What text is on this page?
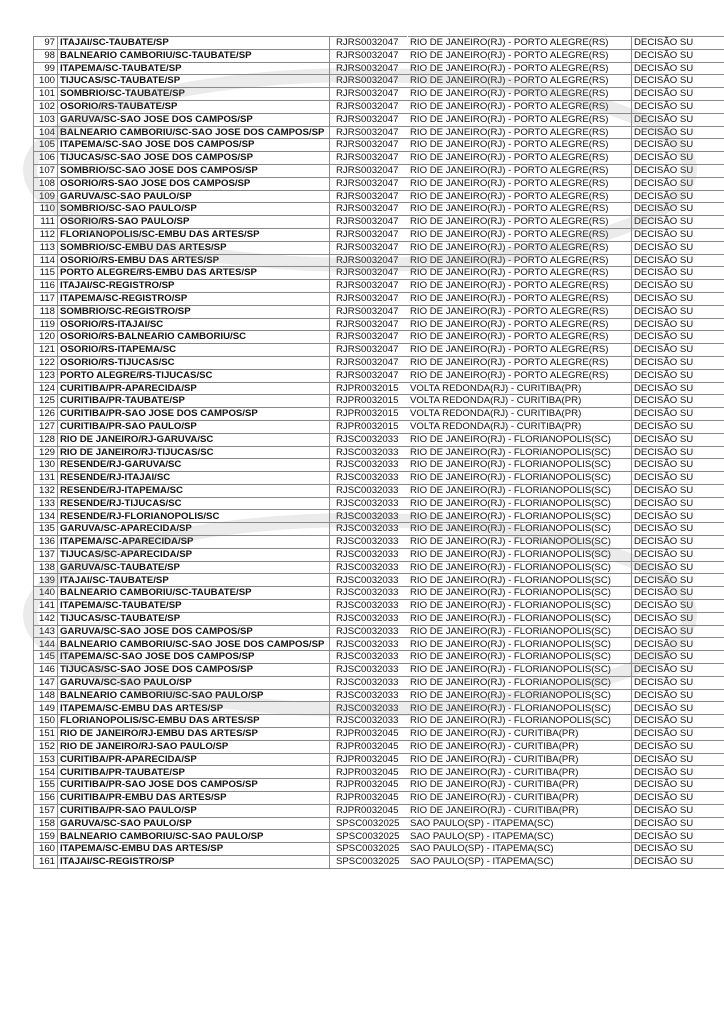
97	ITAJAI/SC-TAUBATE/SP	RJRS0032047	RIO DE JANEIRO(RJ) - PORTO ALEGRE(RS)	DECISÃO SU
98	BALNEARIO CAMBORIU/SC-TAUBATE/SP	RJRS0032047	RIO DE JANEIRO(RJ) - PORTO ALEGRE(RS)	DECISÃO SU
99	ITAPEMA/SC-TAUBATE/SP	RJRS0032047	RIO DE JANEIRO(RJ) - PORTO ALEGRE(RS)	DECISÃO SU
100	TIJUCAS/SC-TAUBATE/SP	RJRS0032047	RIO DE JANEIRO(RJ) - PORTO ALEGRE(RS)	DECISÃO SU
101	SOMBRIO/SC-TAUBATE/SP	RJRS0032047	RIO DE JANEIRO(RJ) - PORTO ALEGRE(RS)	DECISÃO SU
102	OSORIO/RS-TAUBATE/SP	RJRS0032047	RIO DE JANEIRO(RJ) - PORTO ALEGRE(RS)	DECISÃO SU
103	GARUVA/SC-SAO JOSE DOS CAMPOS/SP	RJRS0032047	RIO DE JANEIRO(RJ) - PORTO ALEGRE(RS)	DECISÃO SU
104	BALNEARIO CAMBORIU/SC-SAO JOSE DOS CAMPOS/SP	RJRS0032047	RIO DE JANEIRO(RJ) - PORTO ALEGRE(RS)	DECISÃO SU
105	ITAPEMA/SC-SAO JOSE DOS CAMPOS/SP	RJRS0032047	RIO DE JANEIRO(RJ) - PORTO ALEGRE(RS)	DECISÃO SU
106	TIJUCAS/SC-SAO JOSE DOS CAMPOS/SP	RJRS0032047	RIO DE JANEIRO(RJ) - PORTO ALEGRE(RS)	DECISÃO SU
107	SOMBRIO/SC-SAO JOSE DOS CAMPOS/SP	RJRS0032047	RIO DE JANEIRO(RJ) - PORTO ALEGRE(RS)	DECISÃO SU
108	OSORIO/RS-SAO JOSE DOS CAMPOS/SP	RJRS0032047	RIO DE JANEIRO(RJ) - PORTO ALEGRE(RS)	DECISÃO SU
109	GARUVA/SC-SAO PAULO/SP	RJRS0032047	RIO DE JANEIRO(RJ) - PORTO ALEGRE(RS)	DECISÃO SU
110	SOMBRIO/SC-SAO PAULO/SP	RJRS0032047	RIO DE JANEIRO(RJ) - PORTO ALEGRE(RS)	DECISÃO SU
111	OSORIO/RS-SAO PAULO/SP	RJRS0032047	RIO DE JANEIRO(RJ) - PORTO ALEGRE(RS)	DECISÃO SU
112	FLORIANOPOLIS/SC-EMBU DAS ARTES/SP	RJRS0032047	RIO DE JANEIRO(RJ) - PORTO ALEGRE(RS)	DECISÃO SU
113	SOMBRIO/SC-EMBU DAS ARTES/SP	RJRS0032047	RIO DE JANEIRO(RJ) - PORTO ALEGRE(RS)	DECISÃO SU
114	OSORIO/RS-EMBU DAS ARTES/SP	RJRS0032047	RIO DE JANEIRO(RJ) - PORTO ALEGRE(RS)	DECISÃO SU
115	PORTO ALEGRE/RS-EMBU DAS ARTES/SP	RJRS0032047	RIO DE JANEIRO(RJ) - PORTO ALEGRE(RS)	DECISÃO SU
116	ITAJAI/SC-REGISTRO/SP	RJRS0032047	RIO DE JANEIRO(RJ) - PORTO ALEGRE(RS)	DECISÃO SU
117	ITAPEMA/SC-REGISTRO/SP	RJRS0032047	RIO DE JANEIRO(RJ) - PORTO ALEGRE(RS)	DECISÃO SU
118	SOMBRIO/SC-REGISTRO/SP	RJRS0032047	RIO DE JANEIRO(RJ) - PORTO ALEGRE(RS)	DECISÃO SU
119	OSORIO/RS-ITAJAI/SC	RJRS0032047	RIO DE JANEIRO(RJ) - PORTO ALEGRE(RS)	DECISÃO SU
120	OSORIO/RS-BALNEARIO CAMBORIU/SC	RJRS0032047	RIO DE JANEIRO(RJ) - PORTO ALEGRE(RS)	DECISÃO SU
121	OSORIO/RS-ITAPEMA/SC	RJRS0032047	RIO DE JANEIRO(RJ) - PORTO ALEGRE(RS)	DECISÃO SU
122	OSORIO/RS-TIJUCAS/SC	RJRS0032047	RIO DE JANEIRO(RJ) - PORTO ALEGRE(RS)	DECISÃO SU
123	PORTO ALEGRE/RS-TIJUCAS/SC	RJRS0032047	RIO DE JANEIRO(RJ) - PORTO ALEGRE(RS)	DECISÃO SU
124	CURITIBA/PR-APARECIDA/SP	RJPR0032015	VOLTA REDONDA(RJ) - CURITIBA(PR)	DECISÃO SU
125	CURITIBA/PR-TAUBATE/SP	RJPR0032015	VOLTA REDONDA(RJ) - CURITIBA(PR)	DECISÃO SU
126	CURITIBA/PR-SAO JOSE DOS CAMPOS/SP	RJPR0032015	VOLTA REDONDA(RJ) - CURITIBA(PR)	DECISÃO SU
127	CURITIBA/PR-SAO PAULO/SP	RJPR0032015	VOLTA REDONDA(RJ) - CURITIBA(PR)	DECISÃO SU
128	RIO DE JANEIRO/RJ-GARUVA/SC	RJSC0032033	RIO DE JANEIRO(RJ) - FLORIANOPOLIS(SC)	DECISÃO SU
129	RIO DE JANEIRO/RJ-TIJUCAS/SC	RJSC0032033	RIO DE JANEIRO(RJ) - FLORIANOPOLIS(SC)	DECISÃO SU
130	RESENDE/RJ-GARUVA/SC	RJSC0032033	RIO DE JANEIRO(RJ) - FLORIANOPOLIS(SC)	DECISÃO SU
131	RESENDE/RJ-ITAJAI/SC	RJSC0032033	RIO DE JANEIRO(RJ) - FLORIANOPOLIS(SC)	DECISÃO SU
132	RESENDE/RJ-ITAPEMA/SC	RJSC0032033	RIO DE JANEIRO(RJ) - FLORIANOPOLIS(SC)	DECISÃO SU
133	RESENDE/RJ-TIJUCAS/SC	RJSC0032033	RIO DE JANEIRO(RJ) - FLORIANOPOLIS(SC)	DECISÃO SU
134	RESENDE/RJ-FLORIANOPOLIS/SC	RJSC0032033	RIO DE JANEIRO(RJ) - FLORIANOPOLIS(SC)	DECISÃO SU
135	GARUVA/SC-APARECIDA/SP	RJSC0032033	RIO DE JANEIRO(RJ) - FLORIANOPOLIS(SC)	DECISÃO SU
136	ITAPEMA/SC-APARECIDA/SP	RJSC0032033	RIO DE JANEIRO(RJ) - FLORIANOPOLIS(SC)	DECISÃO SU
137	TIJUCAS/SC-APARECIDA/SP	RJSC0032033	RIO DE JANEIRO(RJ) - FLORIANOPOLIS(SC)	DECISÃO SU
138	GARUVA/SC-TAUBATE/SP	RJSC0032033	RIO DE JANEIRO(RJ) - FLORIANOPOLIS(SC)	DECISÃO SU
139	ITAJAI/SC-TAUBATE/SP	RJSC0032033	RIO DE JANEIRO(RJ) - FLORIANOPOLIS(SC)	DECISÃO SU
140	BALNEARIO CAMBORIU/SC-TAUBATE/SP	RJSC0032033	RIO DE JANEIRO(RJ) - FLORIANOPOLIS(SC)	DECISÃO SU
141	ITAPEMA/SC-TAUBATE/SP	RJSC0032033	RIO DE JANEIRO(RJ) - FLORIANOPOLIS(SC)	DECISÃO SU
142	TIJUCAS/SC-TAUBATE/SP	RJSC0032033	RIO DE JANEIRO(RJ) - FLORIANOPOLIS(SC)	DECISÃO SU
143	GARUVA/SC-SAO JOSE DOS CAMPOS/SP	RJSC0032033	RIO DE JANEIRO(RJ) - FLORIANOPOLIS(SC)	DECISÃO SU
144	BALNEARIO CAMBORIU/SC-SAO JOSE DOS CAMPOS/SP	RJSC0032033	RIO DE JANEIRO(RJ) - FLORIANOPOLIS(SC)	DECISÃO SU
145	ITAPEMA/SC-SAO JOSE DOS CAMPOS/SP	RJSC0032033	RIO DE JANEIRO(RJ) - FLORIANOPOLIS(SC)	DECISÃO SU
146	TIJUCAS/SC-SAO JOSE DOS CAMPOS/SP	RJSC0032033	RIO DE JANEIRO(RJ) - FLORIANOPOLIS(SC)	DECISÃO SU
147	GARUVA/SC-SAO PAULO/SP	RJSC0032033	RIO DE JANEIRO(RJ) - FLORIANOPOLIS(SC)	DECISÃO SU
148	BALNEARIO CAMBORIU/SC-SAO PAULO/SP	RJSC0032033	RIO DE JANEIRO(RJ) - FLORIANOPOLIS(SC)	DECISÃO SU
149	ITAPEMA/SC-EMBU DAS ARTES/SP	RJSC0032033	RIO DE JANEIRO(RJ) - FLORIANOPOLIS(SC)	DECISÃO SU
150	FLORIANOPOLIS/SC-EMBU DAS ARTES/SP	RJSC0032033	RIO DE JANEIRO(RJ) - FLORIANOPOLIS(SC)	DECISÃO SU
151	RIO DE JANEIRO/RJ-EMBU DAS ARTES/SP	RJPR0032045	RIO DE JANEIRO(RJ) - CURITIBA(PR)	DECISÃO SU
152	RIO DE JANEIRO/RJ-SAO PAULO/SP	RJPR0032045	RIO DE JANEIRO(RJ) - CURITIBA(PR)	DECISÃO SU
153	CURITIBA/PR-APARECIDA/SP	RJPR0032045	RIO DE JANEIRO(RJ) - CURITIBA(PR)	DECISÃO SU
154	CURITIBA/PR-TAUBATE/SP	RJPR0032045	RIO DE JANEIRO(RJ) - CURITIBA(PR)	DECISÃO SU
155	CURITIBA/PR-SAO JOSE DOS CAMPOS/SP	RJPR0032045	RIO DE JANEIRO(RJ) - CURITIBA(PR)	DECISÃO SU
156	CURITIBA/PR-EMBU DAS ARTES/SP	RJPR0032045	RIO DE JANEIRO(RJ) - CURITIBA(PR)	DECISÃO SU
157	CURITIBA/PR-SAO PAULO/SP	RJPR0032045	RIO DE JANEIRO(RJ) - CURITIBA(PR)	DECISÃO SU
158	GARUVA/SC-SAO PAULO/SP	SPSC0032025	SAO PAULO(SP) - ITAPEMA(SC)	DECISÃO SU
159	BALNEARIO CAMBORIU/SC-SAO PAULO/SP	SPSC0032025	SAO PAULO(SP) - ITAPEMA(SC)	DECISÃO SU
160	ITAPEMA/SC-EMBU DAS ARTES/SP	SPSC0032025	SAO PAULO(SP) - ITAPEMA(SC)	DECISÃO SU
161	ITAJAI/SC-REGISTRO/SP	SPSC0032025	SAO PAULO(SP) - ITAPEMA(SC)	DECISÃO SU
